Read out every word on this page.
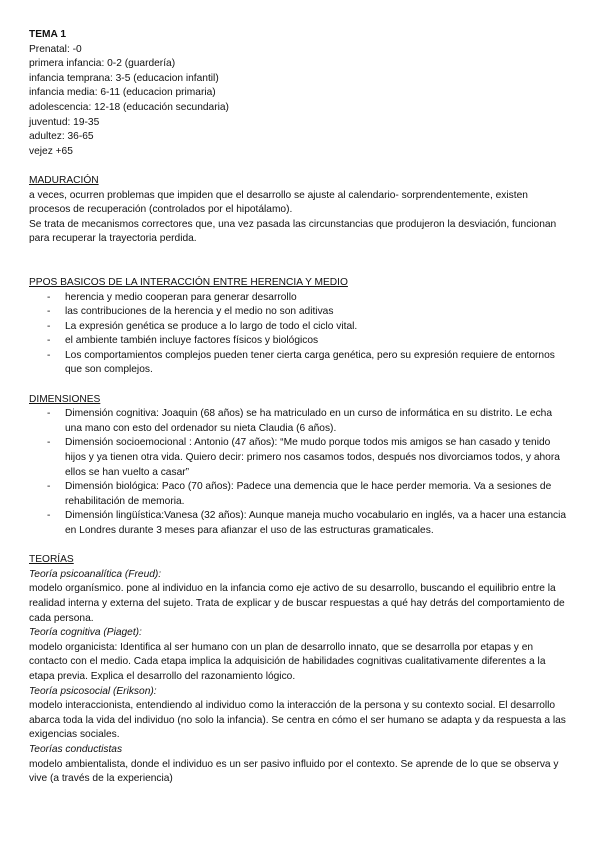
TEMA 1
Prenatal: -0
primera infancia: 0-2 (guardería)
infancia temprana: 3-5 (educacion infantil)
infancia media: 6-11 (educacion primaria)
adolescencia: 12-18 (educación secundaria)
juventud: 19-35
adultez: 36-65
vejez +65
MADURACIÓN

a veces, ocurren problemas que impiden que el desarrollo se ajuste al calendario- sorprendentemente, existen procesos de recuperación (controlados por el hipotálamo).

Se trata de mecanismos correctores que, una vez pasada las circunstancias que produjeron la desviación, funcionan para recuperar la trayectoria perdida.

PPOS BASICOS DE LA INTERACCIÓN ENTRE HERENCIA Y MEDIO
- herencia y medio cooperan para generar desarrollo
- las contribuciones de la herencia y el medio no son aditivas
- La expresión genética se produce a lo largo de todo el ciclo vital.
- el ambiente también incluye factores físicos y biológicos
- Los comportamientos complejos pueden tener cierta carga genética, pero su expresión requiere de entornos que son complejos.
DIMENSIONES
- Dimensión cognitiva: Joaquin (68 años) se ha matriculado en un curso de informática en su distrito. Le echa una mano con esto del ordenador su nieta Claudia (6 años).
- Dimensión socioemocional : Antonio (47 años): “Me mudo porque todos mis amigos se han casado y tenido hijos y ya tienen otra vida. Quiero decir: primero nos casamos todos, después nos divorciamos todos, y ahora ellos se han vuelto a casar”
- Dimensión biológica: Paco (70 años): Padece una demencia que le hace perder memoria. Va a sesiones de rehabilitación de memoria.
- Dimensión lingüística:Vanesa (32 años): Aunque maneja mucho vocabulario en inglés, va a hacer una estancia en Londres durante 3 meses para afianzar el uso de las estructuras gramaticales.
TEORÍAS
Teoría psicoanalítica (Freud):

modelo organísmico. pone al individuo en la infancia como eje activo de su desarrollo, buscando el equilibrio entre la realidad interna y externa del sujeto. Trata de explicar y de buscar respuestas a qué hay detrás del comportamiento de cada persona.

Teoría cognitiva (Piaget):

modelo organicista: Identifica al ser humano con un plan de desarrollo innato, que se desarrolla por etapas y en contacto con el medio. Cada etapa implica la adquisición de habilidades cognitivas cualitativamente diferentes a la etapa previa. Explica el desarrollo del razonamiento lógico.

Teoría psicosocial (Erikson):

modelo interaccionista, entendiendo al individuo como la interacción de la persona y su contexto social. El desarrollo abarca toda la vida del individuo (no solo la infancia). Se centra en cómo el ser humano se adapta y da respuesta a las exigencias sociales.

Teorías conductistas

modelo ambientalista, donde el individuo es un ser pasivo influido por el contexto. Se aprende de lo que se observa y vive (a través de la experiencia)
